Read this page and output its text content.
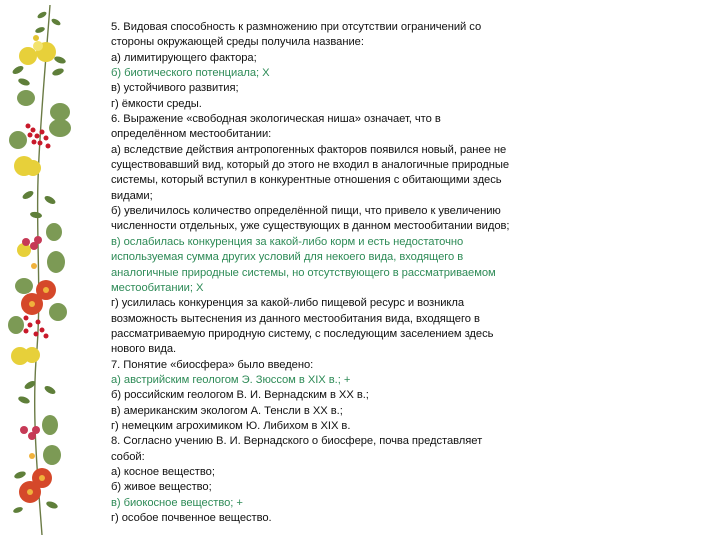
5. Видовая способность к размножению при отсутствии ограничений со
стороны окружающей среды получила название:
а) лимитирующего фактора;
б) биотического потенциала; Х
в) устойчивого развития;
г) ёмкости среды.
6. Выражение «свободная экологическая ниша» означает, что в
определённом местообитании:
а) вследствие действия антропогенных факторов появился новый, ранее не
существовавший вид, который до этого не входил в аналогичные природные
системы, который вступил в конкурентные отношения с обитающими здесь
видами;
б) увеличилось количество определённой пищи, что привело к увеличению
численности отдельных, уже существующих в данном местообитании видов;
в) ослабилась конкуренция за какой-либо корм и есть недостаточно
используемая сумма других условий для некоего вида, входящего в
аналогичные природные системы, но отсутствующего в рассматриваемом
местообитании; Х
г) усилилась конкуренция за какой-либо пищевой ресурс и возникла
возможность вытеснения из данного местообитания вида, входящего в
рассматриваемую природную систему, с последующим заселением здесь
нового вида.
7. Понятие «биосфера» было введено:
а) австрийским геологом Э. Зюссом в XIX в.; +
б) российским геологом В. И. Вернадским в XX в.;
в) американским экологом А. Тенсли в XX в.;
г) немецким агрохимиком Ю. Либихом в XIX в.
8. Согласно учению В. И. Вернадского о биосфере, почва представляет
собой:
а) косное вещество;
б) живое вещество;
в) биокосное вещество; +
г) особое почвенное вещество.
